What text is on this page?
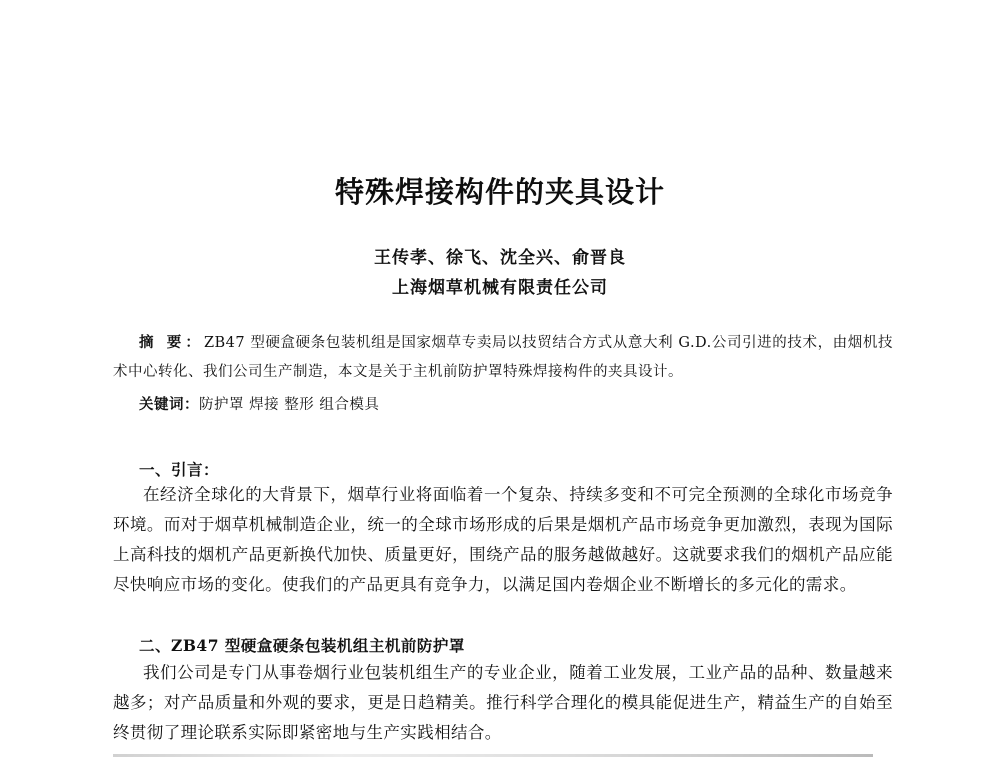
特殊焊接构件的夹具设计
王传孝、徐飞、沈全兴、俞晋良
上海烟草机械有限责任公司
摘 要：ZB47 型硬盒硬条包装机组是国家烟草专卖局以技贸结合方式从意大利 G.D.公司引进的技术，由烟机技术中心转化、我们公司生产制造，本文是关于主机前防护罩特殊焊接构件的夹具设计。
关键词：防护罩 焊接 整形 组合模具
一、引言：
在经济全球化的大背景下，烟草行业将面临着一个复杂、持续多变和不可完全预测的全球化市场竞争环境。而对于烟草机械制造企业，统一的全球市场形成的后果是烟机产品市场竞争更加激烈，表现为国际上高科技的烟机产品更新换代加快、质量更好，围绕产品的服务越做越好。这就要求我们的烟机产品应能尽快响应市场的变化。使我们的产品更具有竞争力，以满足国内卷烟企业不断增长的多元化的需求。
二、ZB47 型硬盒硬条包装机组主机前防护罩
我们公司是专门从事卷烟行业包装机组生产的专业企业，随着工业发展，工业产品的品种、数量越来越多；对产品质量和外观的要求，更是日趋精美。推行科学合理化的模具能促进生产，精益生产的自始至终贯彻了理论联系实际即紧密地与生产实践相结合。
